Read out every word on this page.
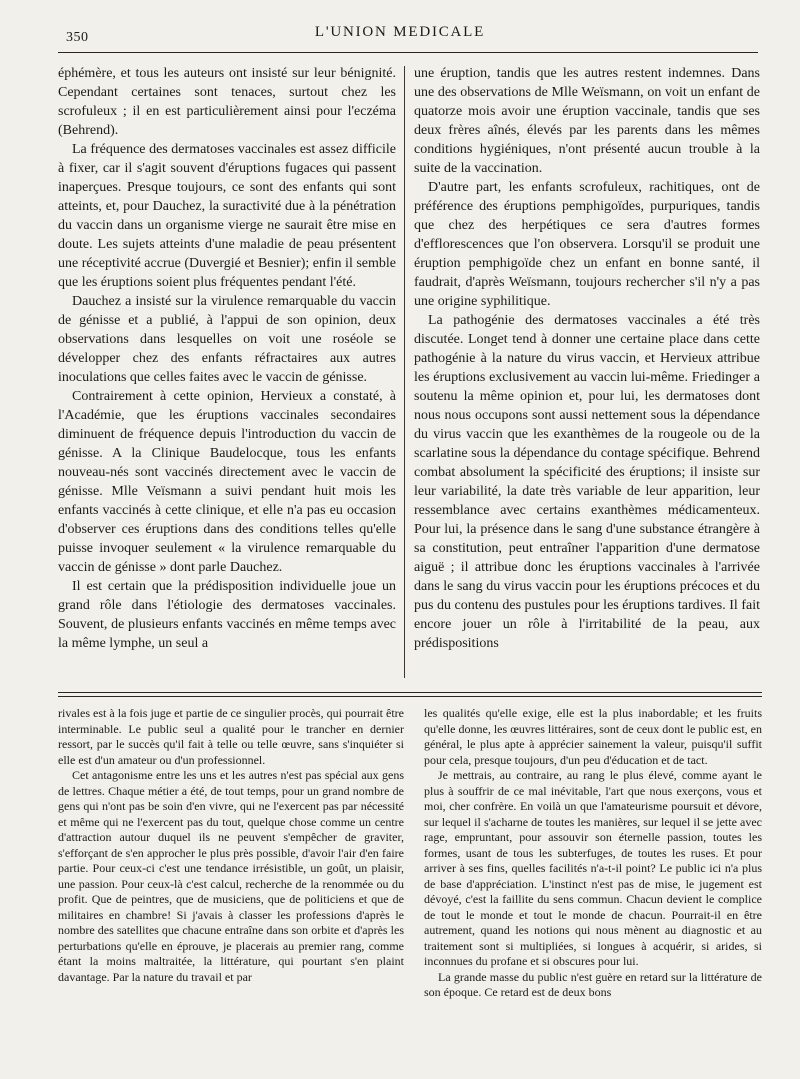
350	L'UNION MEDICALE

éphémère, et tous les auteurs ont insisté sur leur bénignité. Cependant certaines sont tenaces, surtout chez les scrofuleux ; il en est particulièrement ainsi pour l'eczéma (Behrend).

La fréquence des dermatoses vaccinales est assez difficile à fixer, car il s'agit souvent d'éruptions fugaces qui passent inaperçues. Presque toujours, ce sont des enfants qui sont atteints, et, pour Dauchez, la suractivité due à la pénétration du vaccin dans un organisme vierge ne saurait être mise en doute. Les sujets atteints d'une maladie de peau présentent une réceptivité accrue (Duvergié et Besnier); enfin il semble que les éruptions soient plus fréquentes pendant l'été.

Dauchez a insisté sur la virulence remarquable du vaccin de génisse et a publié, à l'appui de son opinion, deux observations dans lesquelles on voit une roséole se développer chez des enfants réfractaires aux autres inoculations que celles faites avec le vaccin de génisse.

Contrairement à cette opinion, Hervieux a constaté, à l'Académie, que les éruptions vaccinales secondaires diminuent de fréquence depuis l'introduction du vaccin de génisse. A la Clinique Baudelocque, tous les enfants nouveau-nés sont vaccinés directement avec le vaccin de génisse. Mlle Veïsmann a suivi pendant huit mois les enfants vaccinés à cette clinique, et elle n'a pas eu occasion d'observer ces éruptions dans des conditions telles qu'elle puisse invoquer seulement « la virulence remarquable du vaccin de génisse » dont parle Dauchez.

Il est certain que la prédisposition individuelle joue un grand rôle dans l'étiologie des dermatoses vaccinales. Souvent, de plusieurs enfants vaccinés en même temps avec la même lymphe, un seul a

une éruption, tandis que les autres restent indemnes. Dans une des observations de Mlle Weïsmann, on voit un enfant de quatorze mois avoir une éruption vaccinale, tandis que ses deux frères aînés, élevés par les parents dans les mêmes conditions hygiéniques, n'ont présenté aucun trouble à la suite de la vaccination.

D'autre part, les enfants scrofuleux, rachitiques, ont de préférence des éruptions pemphigoïdes, purpuriques, tandis que chez des herpétiques ce sera d'autres formes d'efflorescences que l'on observera. Lorsqu'il se produit une éruption pemphigoïde chez un enfant en bonne santé, il faudrait, d'après Weïsmann, toujours rechercher s'il n'y a pas une origine syphilitique.

La pathogénie des dermatoses vaccinales a été très discutée. Longet tend à donner une certaine place dans cette pathogénie à la nature du virus vaccin, et Hervieux attribue les éruptions exclusivement au vaccin lui-même. Friedinger a soutenu la même opinion et, pour lui, les dermatoses dont nous nous occupons sont aussi nettement sous la dépendance du virus vaccin que les exanthèmes de la rougeole ou de la scarlatine sous la dépendance du contage spécifique. Behrend combat absolument la spécificité des éruptions; il insiste sur leur variabilité, la date très variable de leur apparition, leur ressemblance avec certains exanthèmes médicamenteux. Pour lui, la présence dans le sang d'une substance étrangère à sa constitution, peut entraîner l'apparition d'une dermatose aiguë ; il attribue donc les éruptions vaccinales à l'arrivée dans le sang du virus vaccin pour les éruptions précoces et du pus du contenu des pustules pour les éruptions tardives. Il fait encore jouer un rôle à l'irritabilité de la peau, aux prédispositions

rivales est à la fois juge et partie de ce singulier procès, qui pourrait être interminable. Le public seul a qualité pour le trancher en dernier ressort, par le succès qu'il fait à telle ou telle œuvre, sans s'inquiéter si elle est d'un amateur ou d'un professionnel.

Cet antagonisme entre les uns et les autres n'est pas spécial aux gens de lettres. Chaque métier a été, de tout temps, pour un grand nombre de gens qui n'ont pas be soin d'en vivre, qui ne l'exercent pas par nécessité et même qui ne l'exercent pas du tout, quelque chose comme un centre d'attraction autour duquel ils ne peuvent s'empêcher de graviter, s'efforçant de s'en approcher le plus près possible, d'avoir l'air d'en faire partie. Pour ceux-ci c'est une tendance irrésistible, un goût, un plaisir, une passion. Pour ceux-là c'est calcul, recherche de la renommée ou du profit. Que de peintres, que de musiciens, que de politiciens et que de militaires en chambre! Si j'avais à classer les professions d'après le nombre des satellites que chacune entraîne dans son orbite et d'après les perturbations qu'elle en éprouve, je placerais au premier rang, comme étant la moins maltraitée, la littérature, qui pourtant s'en plaint davantage. Par la nature du travail et par

les qualités qu'elle exige, elle est la plus inabordable; et les fruits qu'elle donne, les œuvres littéraires, sont de ceux dont le public est, en général, le plus apte à apprécier sainement la valeur, puisqu'il suffit pour cela, presque toujours, d'un peu d'éducation et de tact.

Je mettrais, au contraire, au rang le plus élevé, comme ayant le plus à souffrir de ce mal inévitable, l'art que nous exerçons, vous et moi, cher confrère. En voilà un que l'amateurisme poursuit et dévore, sur lequel il s'acharne de toutes les manières, sur lequel il se jette avec rage, empruntant, pour assouvir son éternelle passion, toutes les formes, usant de tous les subterfuges, de toutes les ruses. Et pour arriver à ses fins, quelles facilités n'a-t-il point? Le public ici n'a plus de base d'appréciation. L'instinct n'est pas de mise, le jugement est dévoyé, c'est la faillite du sens commun. Chacun devient le complice de tout le monde et tout le monde de chacun. Pourrait-il en être autrement, quand les notions qui nous mènent au diagnostic et au traitement sont si multipliées, si longues à acquérir, si arides, si inconnues du profane et si obscures pour lui.

La grande masse du public n'est guère en retard sur la littérature de son époque. Ce retard est de deux bons
